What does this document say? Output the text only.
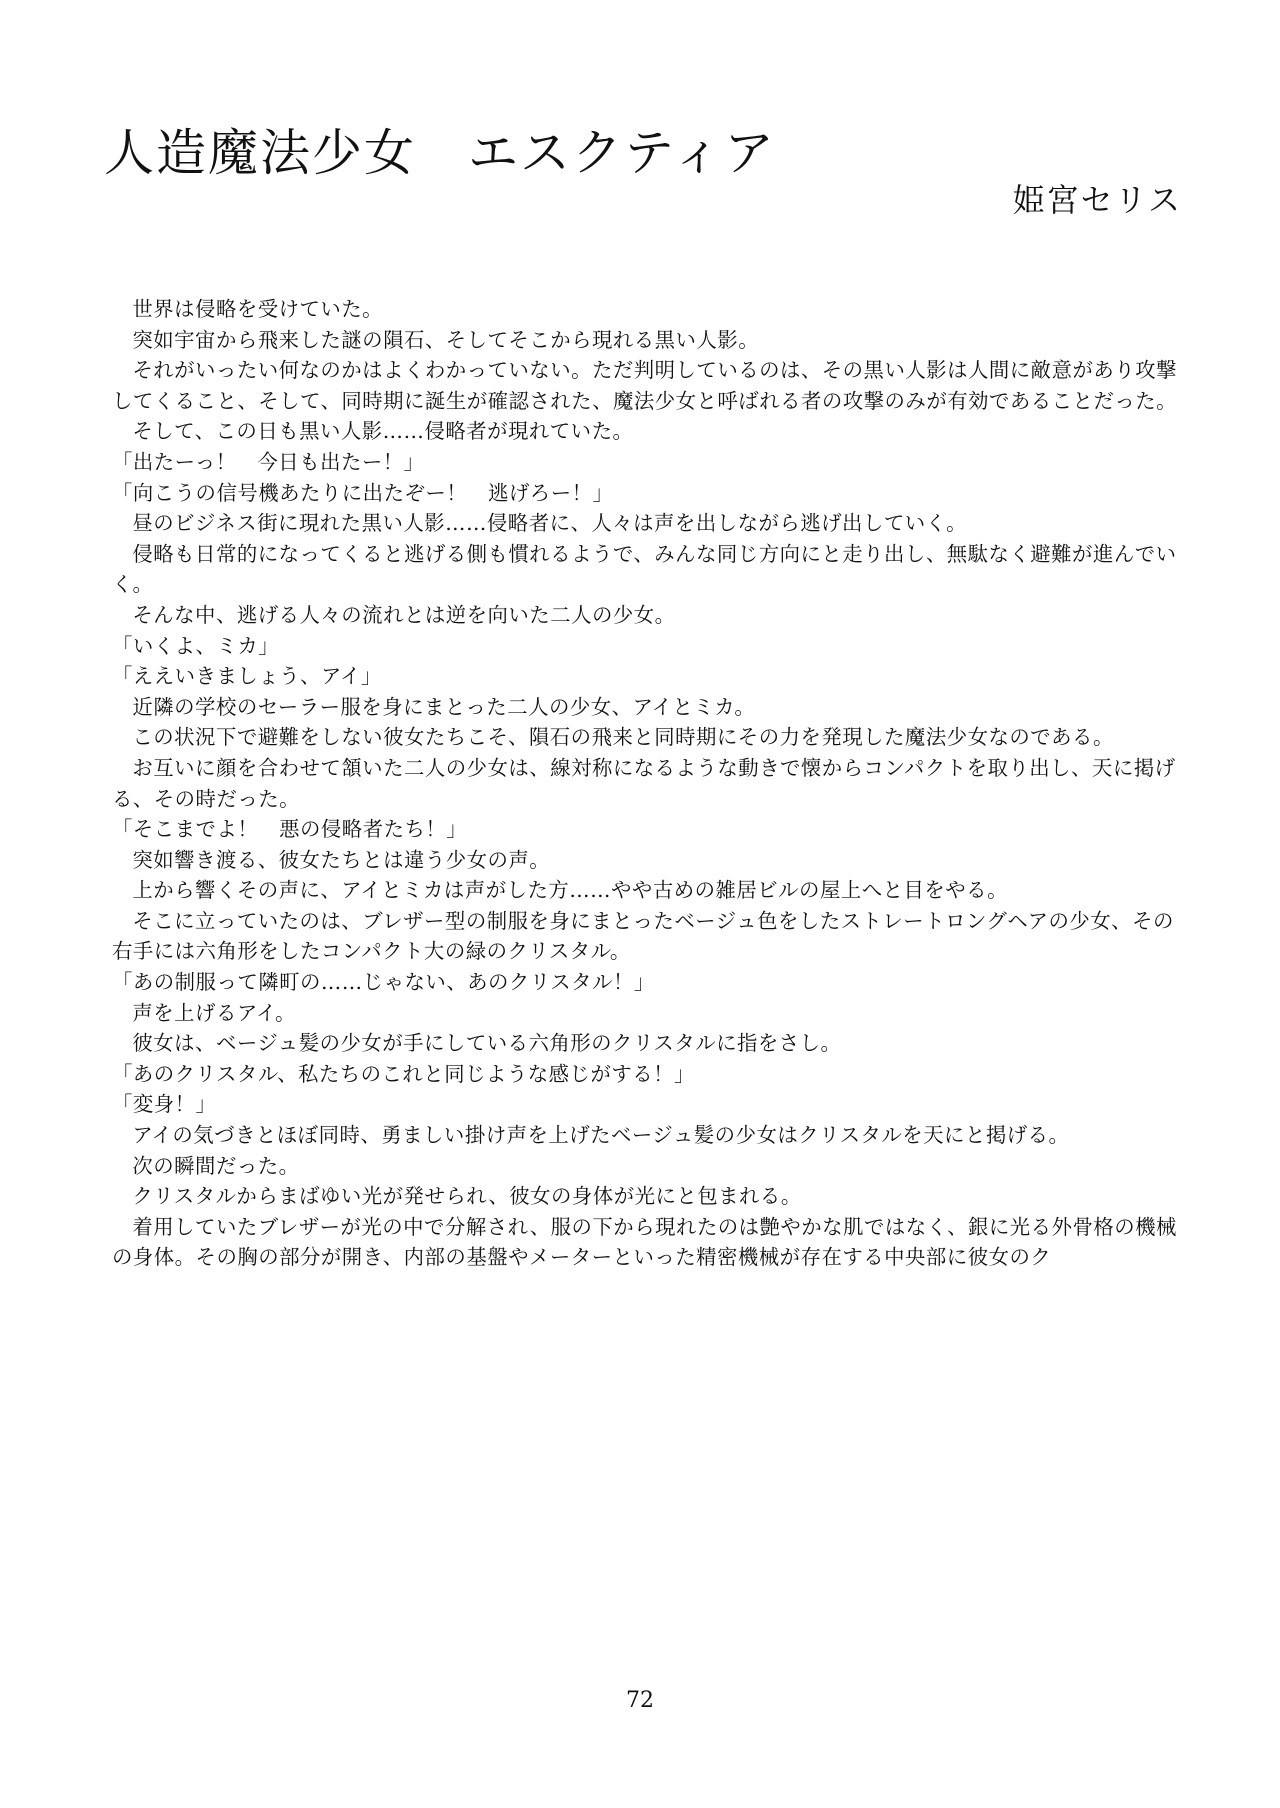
人造魔法少女　エスクティア
姫宮セリス

世界は侵略を受けていた。

突如宇宙から飛来した謎の隕石、そしてそこから現れる黒い人影。

それがいったい何なのかはよくわかっていない。ただ判明しているのは、その黒い人影は人間に敵意があり攻撃してくること、そして、同時期に誕生が確認された、魔法少女と呼ばれる者の攻撃のみが有効であることだった。

そして、この日も黒い人影……侵略者が現れていた。

「出たーっ！　今日も出たー！」

「向こうの信号機あたりに出たぞー！　逃げろー！」

昼のビジネス街に現れた黒い人影……侵略者に、人々は声を出しながら逃げ出していく。

侵略も日常的になってくると逃げる側も慣れるようで、みんな同じ方向にと走り出し、無駄なく避難が進んでいく。

そんな中、逃げる人々の流れとは逆を向いた二人の少女。

「いくよ、ミカ」

「ええいきましょう、アイ」

近隣の学校のセーラー服を身にまとった二人の少女、アイとミカ。

この状況下で避難をしない彼女たちこそ、隕石の飛来と同時期にその力を発現した魔法少女なのである。

お互いに顔を合わせて頷いた二人の少女は、線対称になるような動きで懐からコンパクトを取り出し、天に掲げる、その時だった。

「そこまでよ！　悪の侵略者たち！」

突如響き渡る、彼女たちとは違う少女の声。

上から響くその声に、アイとミカは声がした方……やや古めの雑居ビルの屋上へと目をやる。

そこに立っていたのは、ブレザー型の制服を身にまとったベージュ色をしたストレートロングヘアの少女、その右手には六角形をしたコンパクト大の緑のクリスタル。

「あの制服って隣町の……じゃない、あのクリスタル！」

声を上げるアイ。

彼女は、ベージュ髪の少女が手にしている六角形のクリスタルに指をさし。

「あのクリスタル、私たちのこれと同じような感じがする！」

「変身！」

アイの気づきとほぼ同時、勇ましい掛け声を上げたベージュ髪の少女はクリスタルを天にと掲げる。

次の瞬間だった。

クリスタルからまばゆい光が発せられ、彼女の身体が光にと包まれる。

着用していたブレザーが光の中で分解され、服の下から現れたのは艶やかな肌ではなく、銀に光る外骨格の機械の身体。その胸の部分が開き、内部の基盤やメーターといった精密機械が存在する中央部に彼女のク

72
